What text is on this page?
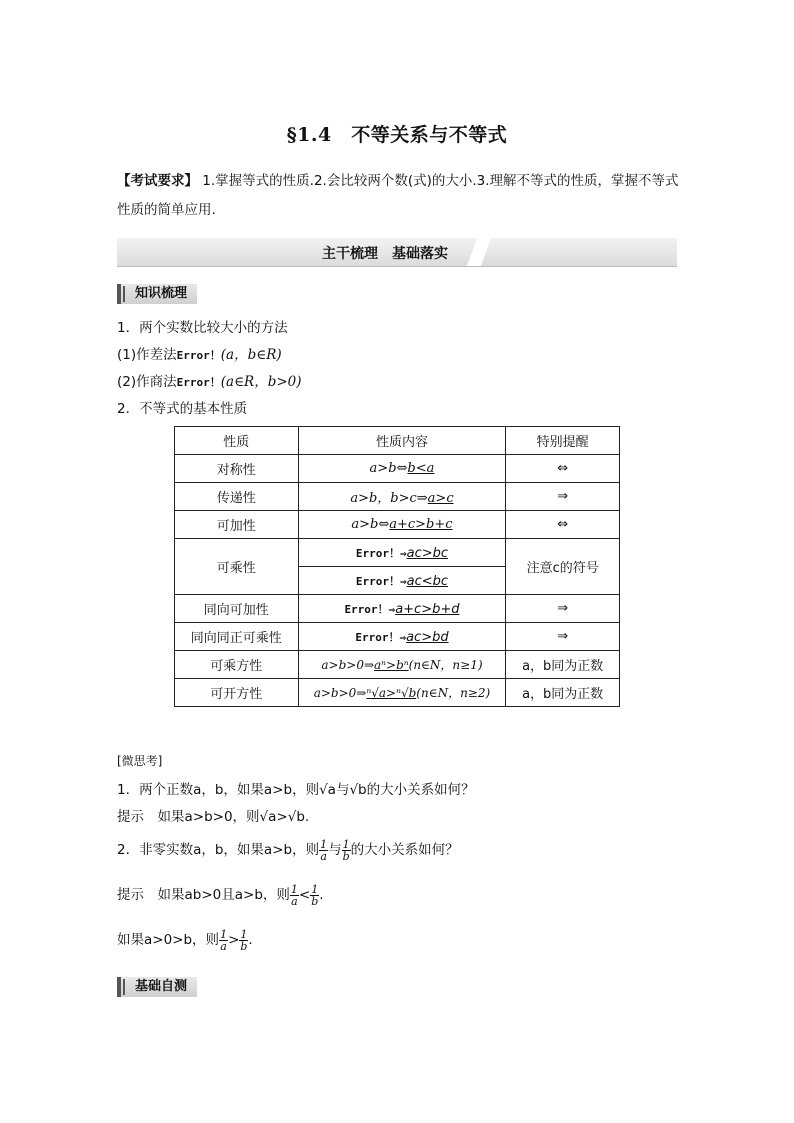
§1.4　不等关系与不等式
【考试要求】 1.掌握等式的性质.2.会比较两个数(式)的大小.3.理解不等式的性质，掌握不等式
性质的简单应用.
主干梳理　基础落实
知识梳理
1．两个实数比较大小的方法
(1)作差法Error！(a，b∈R)
(2)作商法Error！(a∈R，b>0)
2．不等式的基本性质
性质	性质内容	特别提醒
对称性	a>b⇔b<a	⇔
传递性	a>b，b>c⇒a>c	⇒
可加性	a>b⇔a+c>b+c	⇔
可乘性	Error！⇒ac>bc	注意c的符号
	Error！⇒ac<bc	
同向可加性	Error！⇒a+c>b+d	⇒
同向同正可乘性	Error！⇒ac>bd	⇒
可乘方性	a>b>0⇒aⁿ>bⁿ(n∈N，n≥1)	a，b同为正数
可开方性	a>b>0⇒ⁿ√a>ⁿ√b(n∈N，n≥2)	a，b同为正数
[微思考]
1．两个正数a，b，如果a>b，则√a与√b的大小关系如何？
提示　 如果a>b>0，则√a>√b.
2．非零实数a，b，如果a>b，则 $\frac{1}{a}$ 与 $\frac{1}{b}$ 的大小关系如何？
提示　 如果ab>0且a>b，则 $\frac{1}{a} < \frac{1}{b}$ .
如果a>0>b，则 $\frac{1}{a} > \frac{1}{b}$ .
基础自测
